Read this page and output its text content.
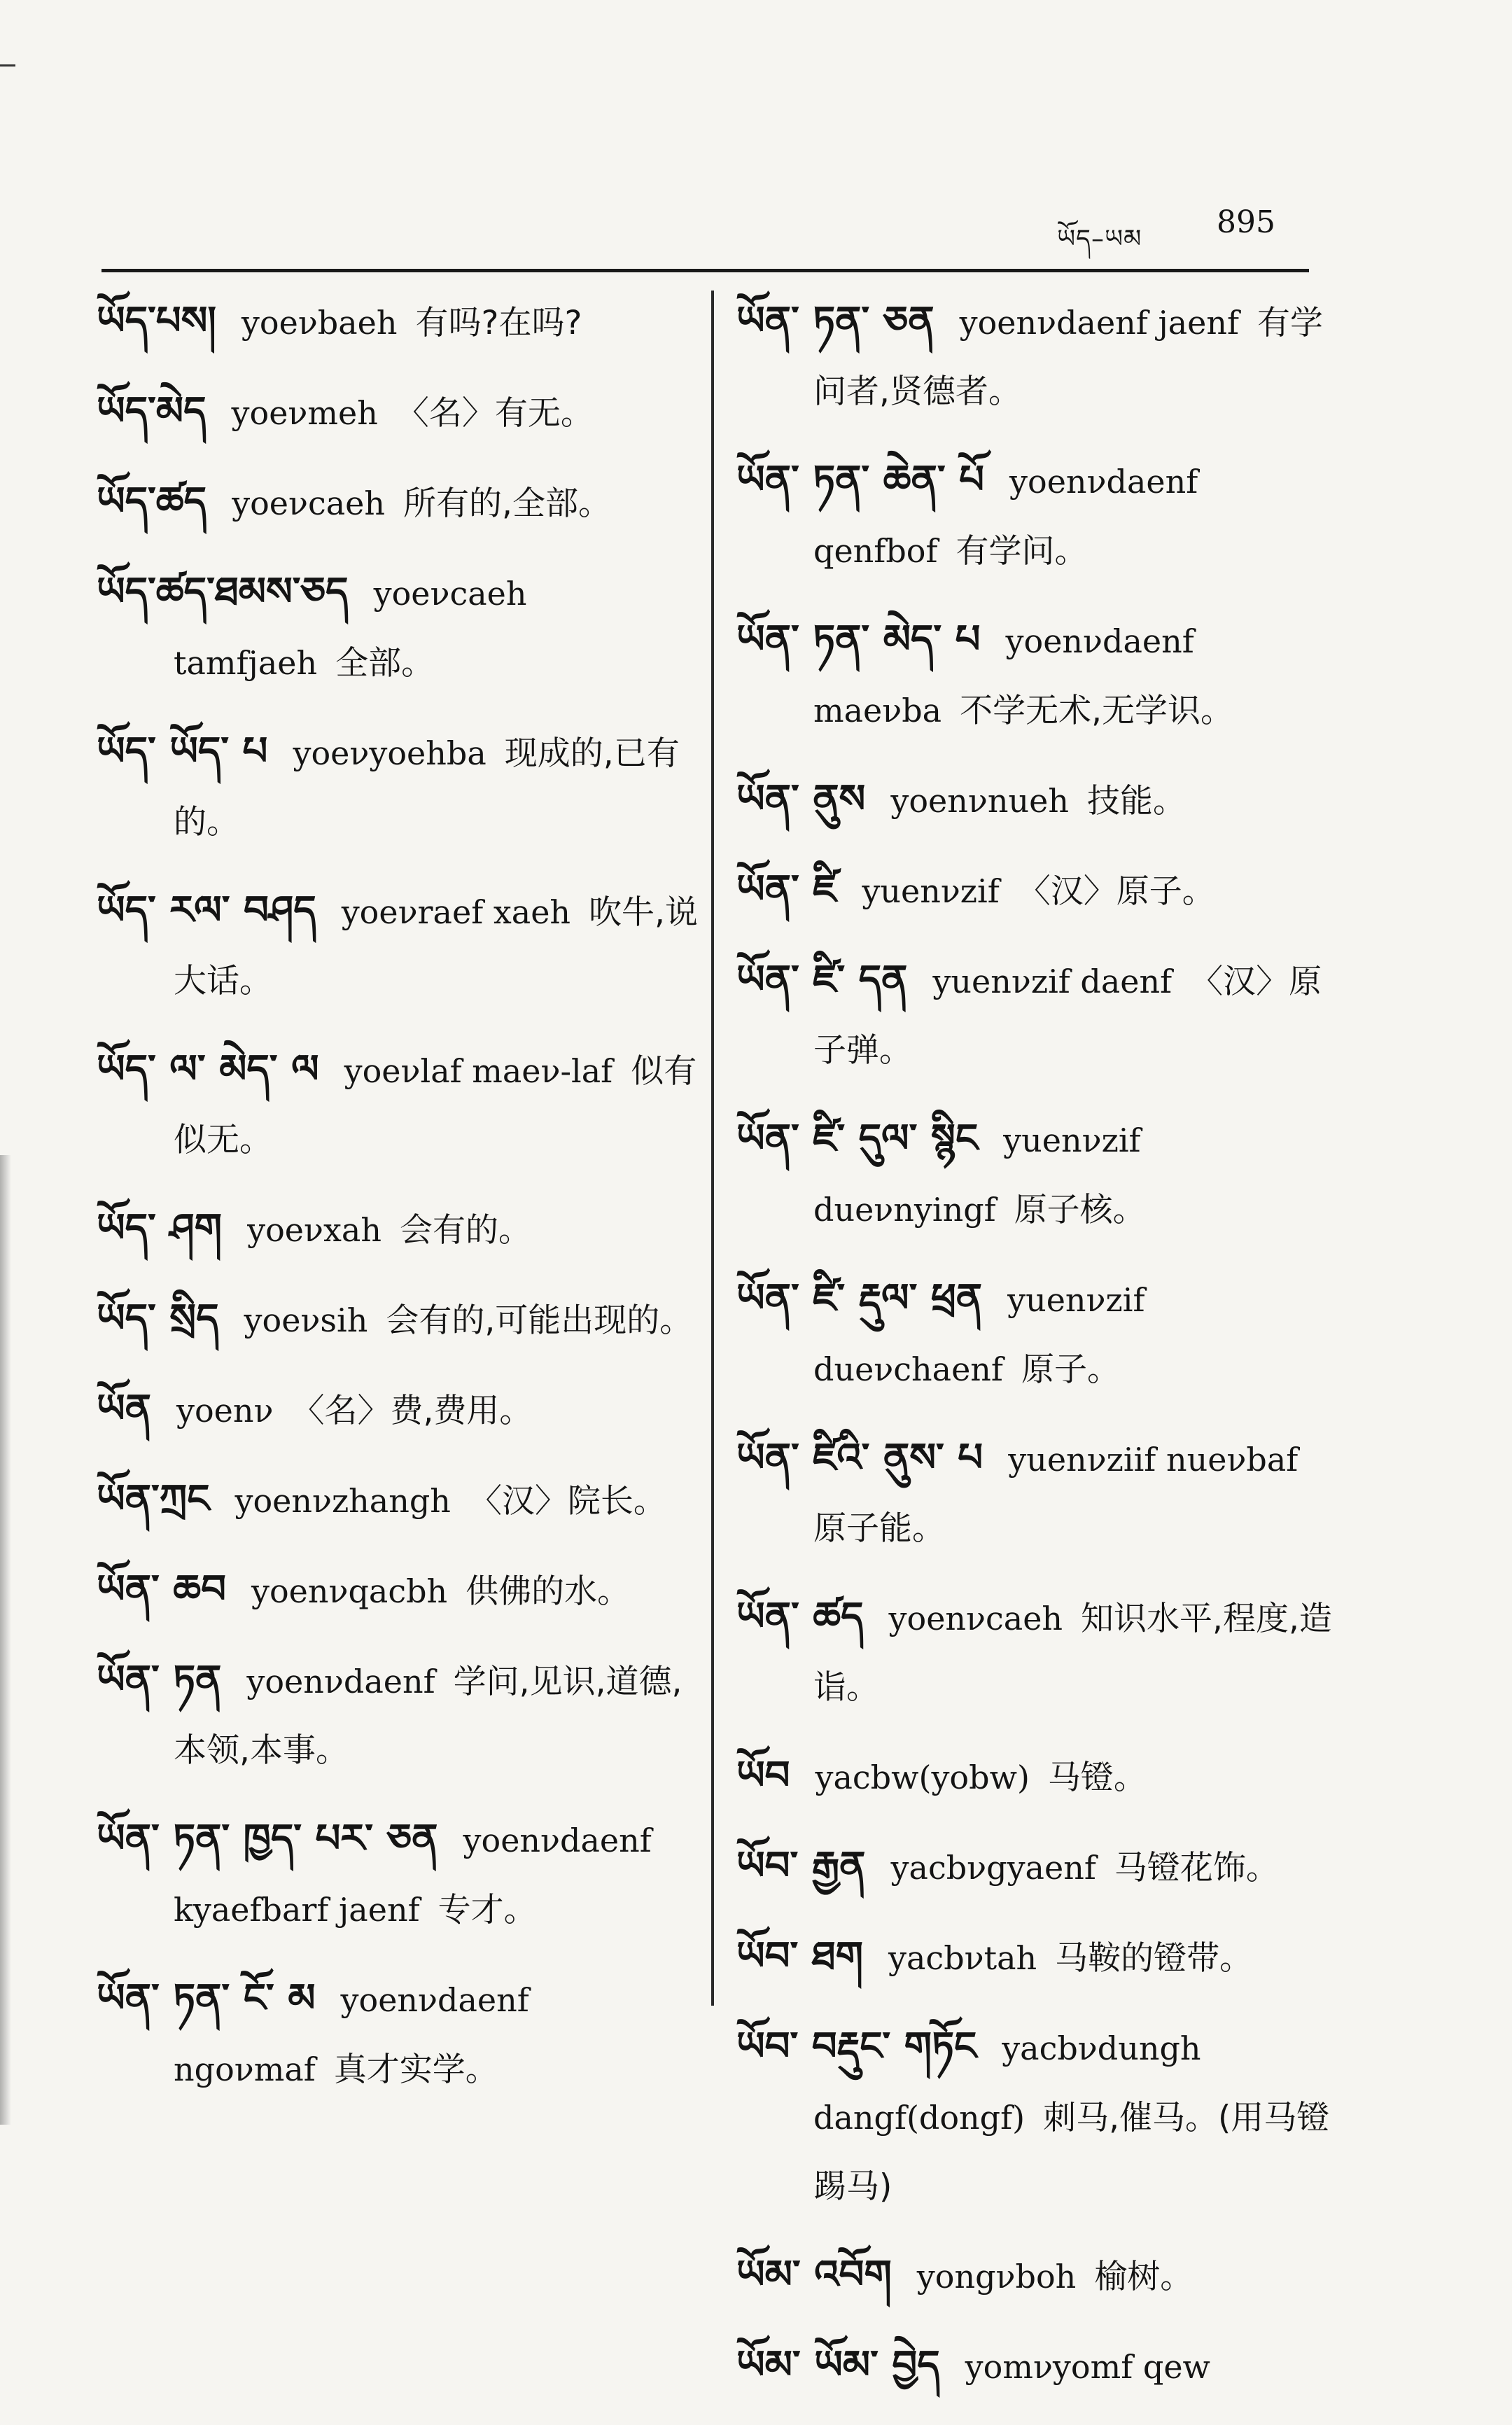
ཡོད–ཡམ 895

ཡོད་པས། yoeνbaeh 有吗?在吗?

ཡོད་མེད yoeνmeh 〈名〉有无。

ཡོད་ཚད yoeνcaeh 所有的,全部。

ཡོད་ཚད་ཐམས་ཅད yoeνcaeh tamfjaeh 全部。

ཡོད་ ཡོད་ པ yoeνyoehba 现成的,已有的。

ཡོད་ རལ་ བཤད yoeνraef xaeh 吹牛,说大话。

ཡོད་ ལ་ མེད་ ལ yoeνlaf maeν-laf 似有似无。

ཡོད་ ཤག yoeνxah 会有的。

ཡོད་ སྲིད yoeνsih 会有的,可能出现的。

ཡོན yoenν 〈名〉费,费用。

ཡོན་ཀྲང yoenνzhangh 〈汉〉院长。

ཡོན་ ཆབ yoenνqacbh 供佛的水。

ཡོན་ ཏན yoenνdaenf 学问,见识,道德,本领,本事。

ཡོན་ ཏན་ ཁྱད་ པར་ ཅན yoenνdaenf kyaefbarf jaenf 专才。

ཡོན་ ཏན་ ངོ་ མ yoenνdaenf ngoνmaf 真才实学。

ཡོན་ ཏན་ ཅན yoenνdaenf jaenf 有学问者,贤德者。

ཡོན་ ཏན་ ཆེན་ པོ yoenνdaenf qenfbof 有学问。

ཡོན་ ཏན་ མེད་ པ yoenνdaenf maeνba 不学无术,无学识。

ཡོན་ ནུས yoenνnueh 技能。

ཡོན་ ཛི yuenνzif 〈汉〉原子。

ཡོན་ ཛི་ དན yuenνzif daenf 〈汉〉原子弹。

ཡོན་ ཛི་ དུལ་ སྙིང yuenνzif dueνnyingf 原子核。

ཡོན་ ཛི་ རྡུལ་ ཕྲན yuenνzif dueνchaenf 原子。

ཡོན་ ཛིའི་ ནུས་ པ yuenνziif nueνbaf原子能。

ཡོན་ ཚད yoenνcaeh 知识水平,程度,造诣。

ཡོབ yacbw(yobw) 马镫。

ཡོབ་ རྒྱན yacbνgyaenf 马镫花饰。

ཡོབ་ ཐག yacbνtah 马鞍的镫带。

ཡོབ་ བརྡུང་ གཏོང yacbνdungh dangf(dongf) 刺马,催马。(用马镫踢马)

ཡོམ་ འབོག yongνboh 榆树。

ཡོམ་ ཡོམ་ བྱེད yomνyomf qew
